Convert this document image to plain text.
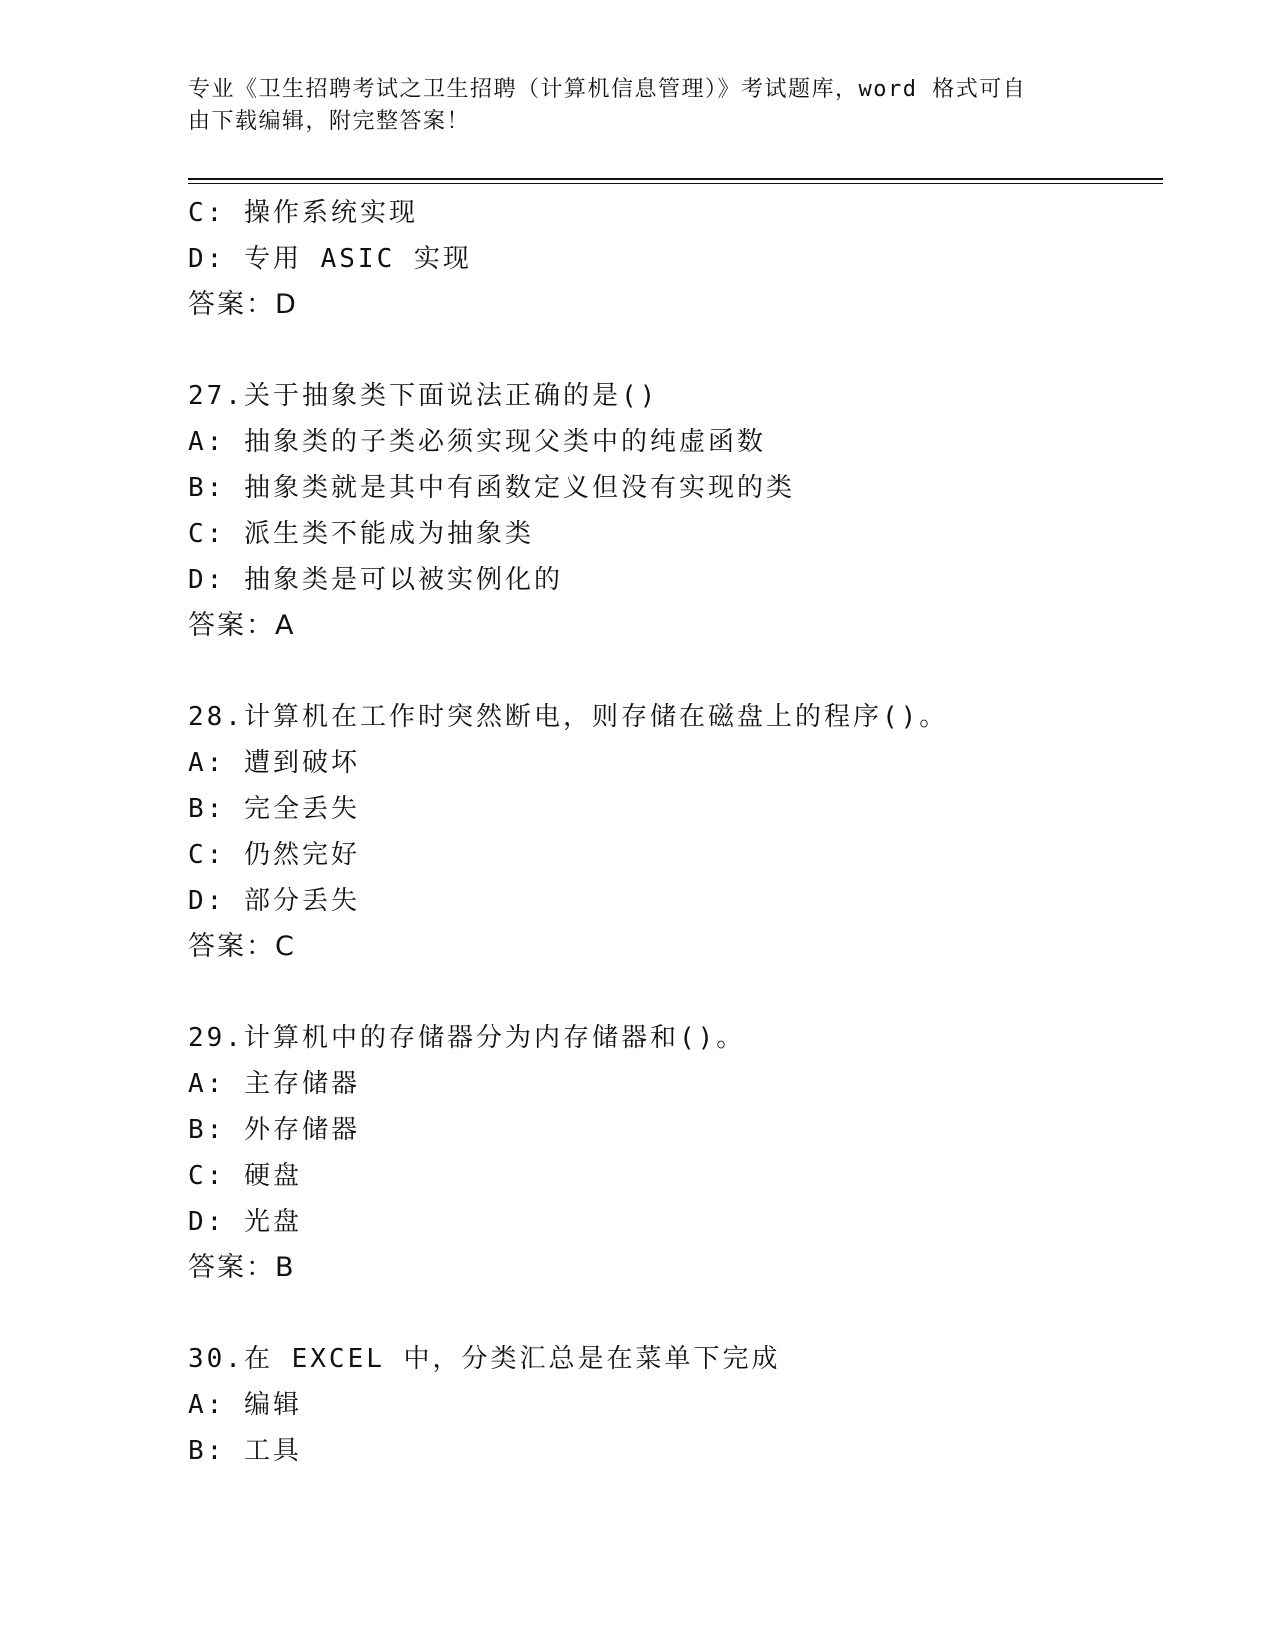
专业《卫生招聘考试之卫生招聘（计算机信息管理）》考试题库，word 格式可自
由下载编辑，附完整答案！
C: 操作系统实现
D: 专用 ASIC 实现
答案：D
27.关于抽象类下面说法正确的是()
A: 抽象类的子类必须实现父类中的纯虚函数
B: 抽象类就是其中有函数定义但没有实现的类
C: 派生类不能成为抽象类
D: 抽象类是可以被实例化的
答案：A
28.计算机在工作时突然断电，则存储在磁盘上的程序()。
A: 遭到破坏
B: 完全丢失
C: 仍然完好
D: 部分丢失
答案：C
29.计算机中的存储器分为内存储器和()。
A: 主存储器
B: 外存储器
C: 硬盘
D: 光盘
答案：B
30.在 EXCEL 中，分类汇总是在菜单下完成
A: 编辑
B: 工具
